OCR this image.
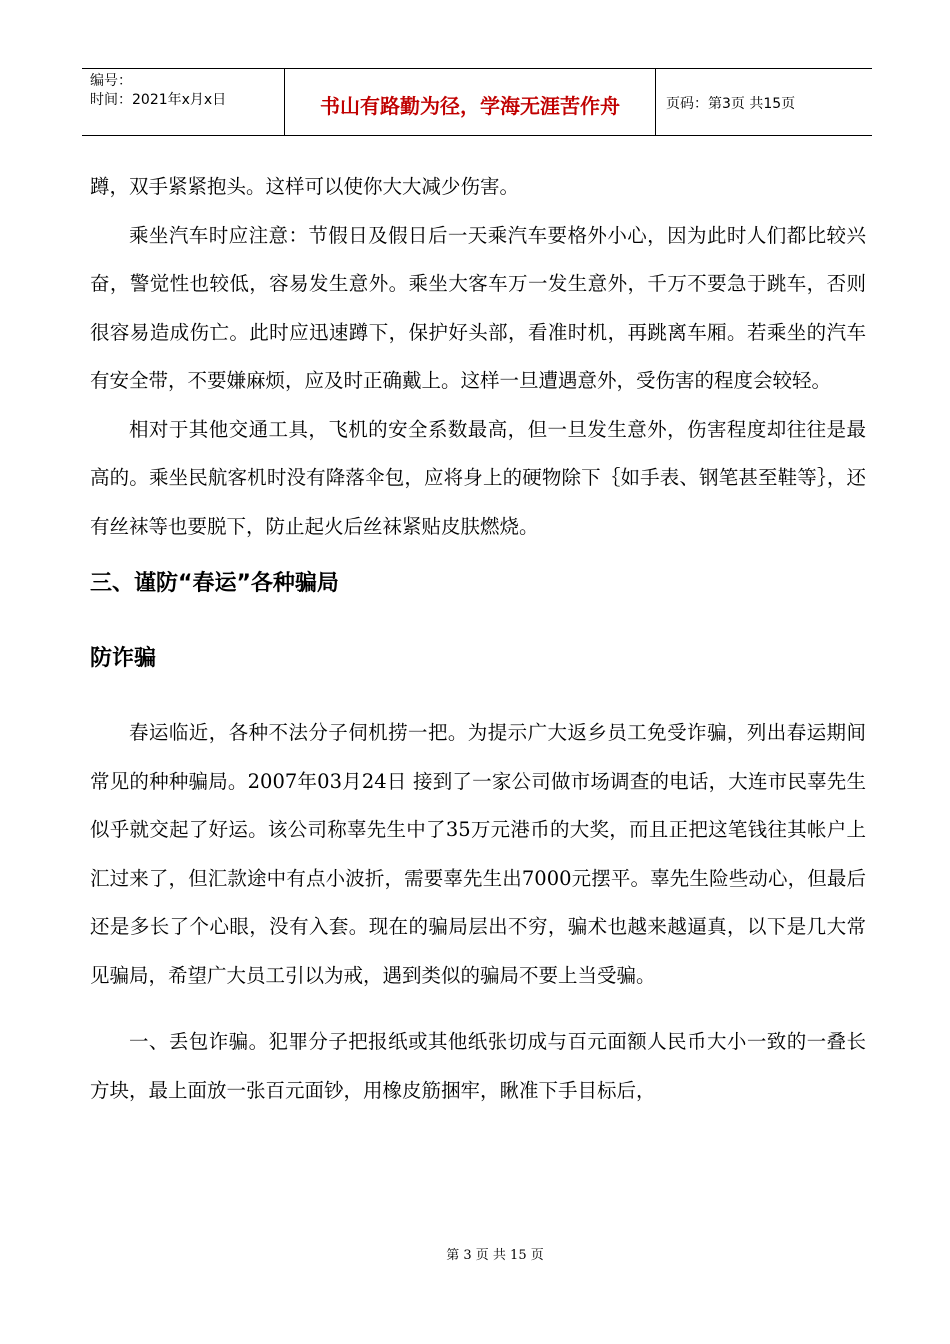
编号：
时间：2021年x月x日	书山有路勤为径，学海无涯苦作舟	页码：第3页 共15页

蹲，双手紧紧抱头。这样可以使你大大减少伤害。

乘坐汽车时应注意：节假日及假日后一天乘汽车要格外小心，因为此时人们都比较兴奋，警觉性也较低，容易发生意外。乘坐大客车万一发生意外，千万不要急于跳车，否则很容易造成伤亡。此时应迅速蹲下，保护好头部，看准时机，再跳离车厢。若乘坐的汽车有安全带，不要嫌麻烦，应及时正确戴上。这样一旦遭遇意外，受伤害的程度会较轻。

相对于其他交通工具，飞机的安全系数最高，但一旦发生意外，伤害程度却往往是最高的。乘坐民航客机时没有降落伞包，应将身上的硬物除下｛如手表、钢笔甚至鞋等｝，还有丝袜等也要脱下，防止起火后丝袜紧贴皮肤燃烧。

三、谨防“春运”各种骗局
防诈骗

春运临近，各种不法分子伺机捞一把。为提示广大返乡员工免受诈骗，列出春运期间常见的种种骗局。2007年03月24日 接到了一家公司做市场调查的电话，大连市民辜先生似乎就交起了好运。该公司称辜先生中了35万元港币的大奖，而且正把这笔钱往其帐户上汇过来了，但汇款途中有点小波折，需要辜先生出7000元摆平。辜先生险些动心，但最后还是多长了个心眼，没有入套。现在的骗局层出不穷，骗术也越来越逼真，以下是几大常见骗局，希望广大员工引以为戒，遇到类似的骗局不要上当受骗。

一、丢包诈骗。犯罪分子把报纸或其他纸张切成与百元面额人民币大小一致的一叠长方块，最上面放一张百元面钞，用橡皮筋捆牢，瞅准下手目标后，

第 3 页 共 15 页
